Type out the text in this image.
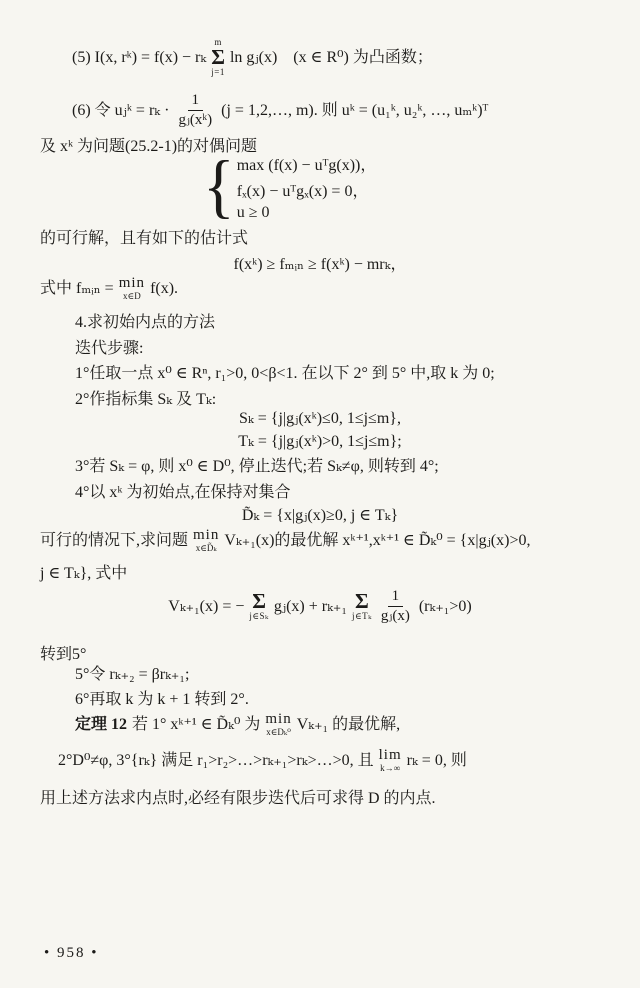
(5) I(x, rᵏ) = f(x) − rₖ
m
Σ
j=1
ln gⱼ(x)　(x ∈ R⁰) 为凸函数；
(6) 令 uⱼᵏ = $r_k \cdot \frac{1}{\text{gⱼ(xᵏ)}} (j$ = 1,2,…, m). 则 uᵏ = (u₁ᵏ, u₂ᵏ, …, uₘᵏ)ᵀ
及 xᵏ 为问题(25.2-1)的对偶问题
{ max (f(x) − uᵀg(x))，
fₓ(x) − uᵀgₓ(x) = 0，
u ≥ 0
的可行解，且有如下的估计式
f(xᵏ) ≥ fₘᵢₙ ≥ f(xᵏ) − mrₖ，
式中 fₘᵢₙ = min
x∈D f(x).
4.求初始内点的方法
迭代步骤:
1°任取一点 x⁰ ∈ Rⁿ, r₁>0, 0<β<1. 在以下 2° 到 5° 中,取 k 为 0;
2°作指标集 Sₖ 及 Tₖ:
Sₖ = {j|gⱼ(xᵏ)≤0, 1≤j≤m},
Tₖ = {j|gⱼ(xᵏ)>0, 1≤j≤m};
3°若 Sₖ = φ, 则 x⁰ ∈ D⁰, 停止迭代;若 Sₖ≠φ, 则转到 4°;
4°以 xᵏ 为初始点,在保持对集合
D̃ₖ = {x|gⱼ(x)≥0, j ∈ Tₖ}
可行的情况下,求问题 min
x∈D̃ₖ Vₖ₊₁(x)的最优解 xᵏ⁺¹,xᵏ⁺¹ ∈ D̃ₖ⁰ = {x|gⱼ(x)>0,
j ∈ Tₖ}, 式中
Vₖ₊₁(x) = − Σ
j∈Sₖ
gⱼ(x) + rₖ₊₁ Σ
j∈Tₖ $\frac{1}{\text{gⱼ(x)}} (r_{k+1}>0)$
转到5°
5°令 rₖ₊₂ = βrₖ₊₁;
6°再取 k 为 k + 1 转到 2°.
定理 12 若 1° xᵏ⁺¹ ∈ D̃ₖ⁰ 为 min
x∈Dₖ⁰ Vₖ₊₁ 的最优解,
2°D⁰≠φ, 3°{rₖ} 满足 r₁>r₂>…>rₖ₊₁>rₖ>…>0, 且 lim
k→∞ rₖ = 0, 则
用上述方法求内点时,必经有限步迭代后可求得 D 的内点.
• 958 •
